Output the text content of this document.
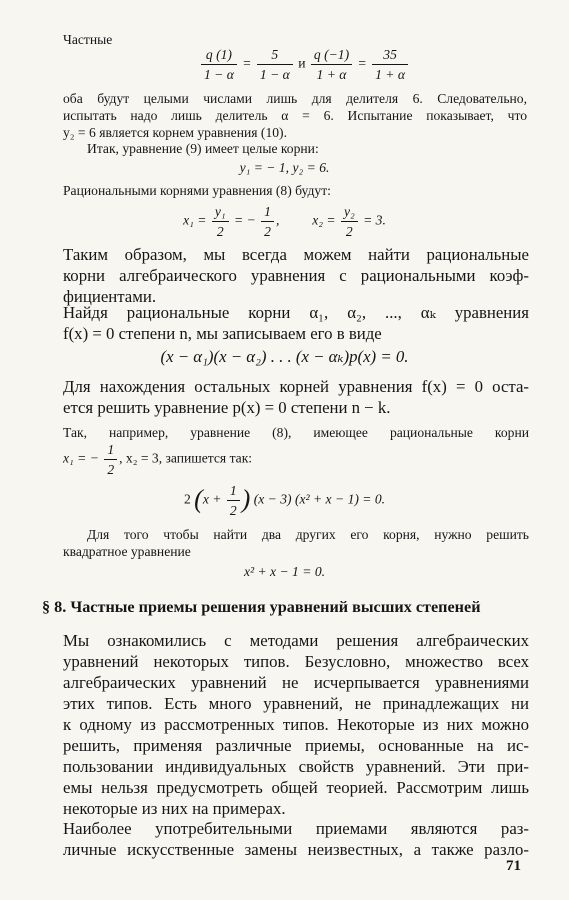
Частные
$\frac{q (1)}{1 - \alpha} = \frac{5}{1 - \alpha}$ и $\frac{q (-1)}{1 + \alpha} = \frac{35}{1 + \alpha}$
оба будут целыми числами лишь для делителя 6. Следовательно,
испытать надо лишь делитель α = 6. Испытание показывает, что
y₂ = 6 является корнем уравнения (10).
Итак, уравнение (9) имеет целые корни:
y₁ = − 1, y₂ = 6.
Рациональными корнями уравнения (8) будут:
$x_1 = \frac{\text{y₁}}{2}$ = − $\frac{1}{2}$ , $x_2 = \frac{\text{y₂}}{2} = 3$.
Таким образом, мы всегда можем найти рациональные
корни алгебраического уравнения с рациональными коэф-
фициентами.
Найдя рациональные корни α₁, α₂, ..., αₖ уравнения
f(x) = 0 степени n, мы записываем его в виде
(x − α₁)(x − α₂) . . . (x − αₖ)p(x) = 0.
Для нахождения остальных корней уравнения f(x) = 0 оста-
ется решить уравнение p(x) = 0 степени n − k.
Так, например, уравнение (8), имеющее рациональные корни
x₁ = − $\frac{1}{2}$ , x₂ = 3, запишется так:
2 ($x + \frac{1}{2}$ ) (x − 3) (x² + x − 1) = 0.
Для того чтобы найти два других его корня, нужно решить
квадратное уравнение
x² + x − 1 = 0.
§ 8. Частные приемы решения уравнений высших степеней
Мы ознакомились с методами решения алгебраических
уравнений некоторых типов. Безусловно, множество всех
алгебраических уравнений не исчерпывается уравнениями
этих типов. Есть много уравнений, не принадлежащих ни
к одному из рассмотренных типов. Некоторые из них можно
решить, применяя различные приемы, основанные на ис-
пользовании индивидуальных свойств уравнений. Эти при-
емы нельзя предусмотреть общей теорией. Рассмотрим лишь
некоторые из них на примерах.
Наиболее употребительными приемами являются раз-
личные искусственные замены неизвестных, а также разло-
71
